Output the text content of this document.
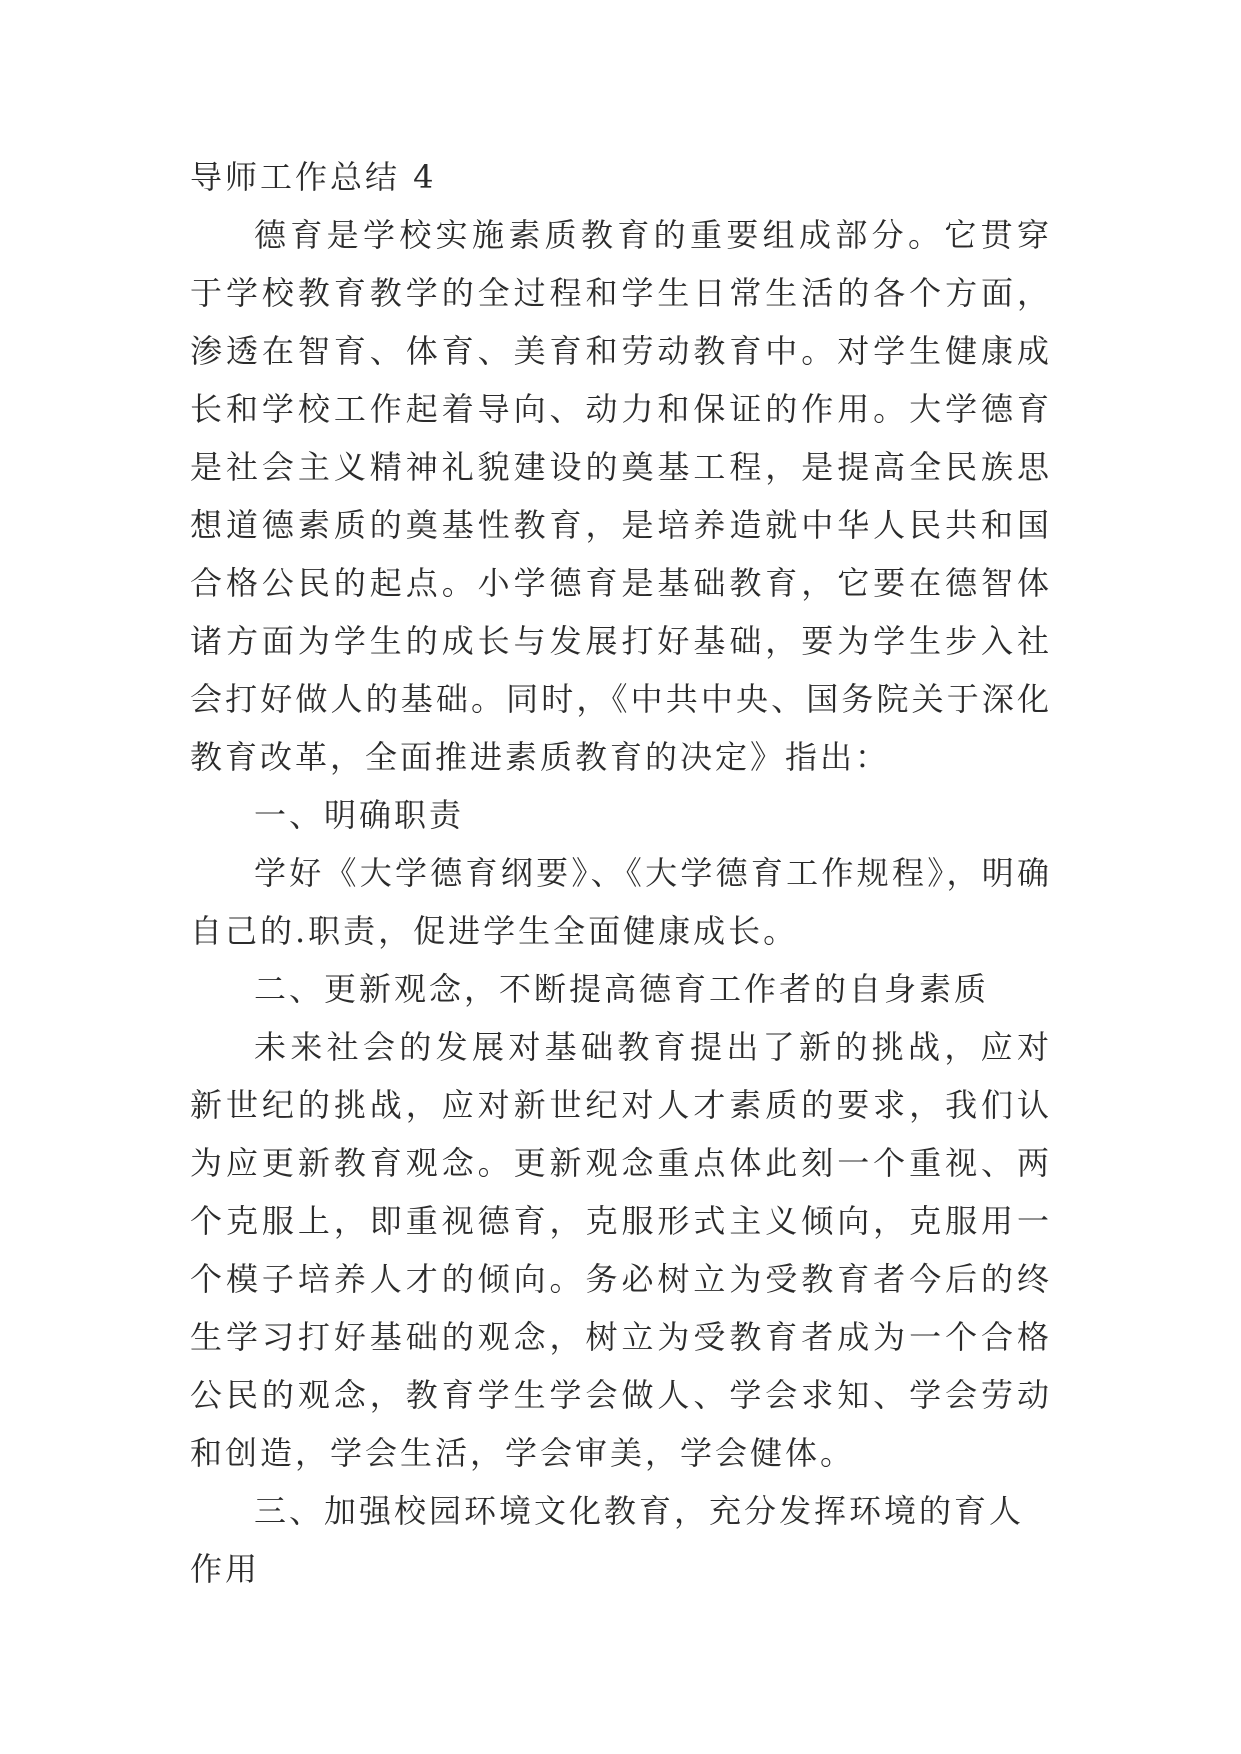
导师工作总结 4

德育是学校实施素质教育的重要组成部分。它贯穿于学校教育教学的全过程和学生日常生活的各个方面，渗透在智育、体育、美育和劳动教育中。对学生健康成长和学校工作起着导向、动力和保证的作用。大学德育是社会主义精神礼貌建设的奠基工程，是提高全民族思想道德素质的奠基性教育，是培养造就中华人民共和国合格公民的起点。小学德育是基础教育，它要在德智体诸方面为学生的成长与发展打好基础，要为学生步入社会打好做人的基础。同时，《中共中央、国务院关于深化教育改革，全面推进素质教育的决定》指出：

一、明确职责

学好《大学德育纲要》、《大学德育工作规程》，明确自己的.职责，促进学生全面健康成长。

二、更新观念，不断提高德育工作者的自身素质

未来社会的发展对基础教育提出了新的挑战，应对新世纪的挑战，应对新世纪对人才素质的要求，我们认为应更新教育观念。更新观念重点体此刻一个重视、两个克服上，即重视德育，克服形式主义倾向，克服用一个模子培养人才的倾向。务必树立为受教育者今后的终生学习打好基础的观念，树立为受教育者成为一个合格公民的观念，教育学生学会做人、学会求知、学会劳动和创造，学会生活，学会审美，学会健体。

三、加强校园环境文化教育，充分发挥环境的育人作用
